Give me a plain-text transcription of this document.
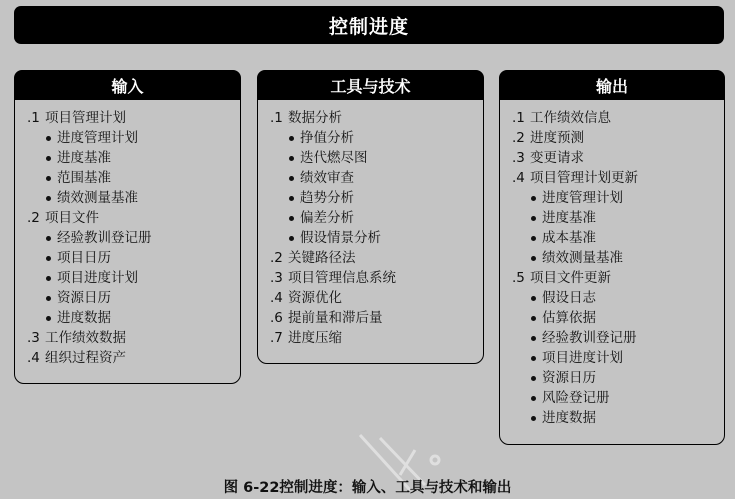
控制进度
输入
.1 项目管理计划
进度管理计划
进度基准
范围基准
绩效测量基准
.2 项目文件
经验教训登记册
项目日历
项目进度计划
资源日历
进度数据
.3 工作绩效数据
.4 组织过程资产
工具与技术
.1 数据分析
挣值分析
迭代燃尽图
绩效审查
趋势分析
偏差分析
假设情景分析
.2 关键路径法
.3 项目管理信息系统
.4 资源优化
.6 提前量和滞后量
.7 进度压缩
输出
.1 工作绩效信息
.2 进度预测
.3 变更请求
.4 项目管理计划更新
进度管理计划
进度基准
成本基准
绩效测量基准
.5 项目文件更新
假设日志
估算依据
经验教训登记册
项目进度计划
资源日历
风险登记册
进度数据
图 6-22控制进度：输入、工具与技术和输出
